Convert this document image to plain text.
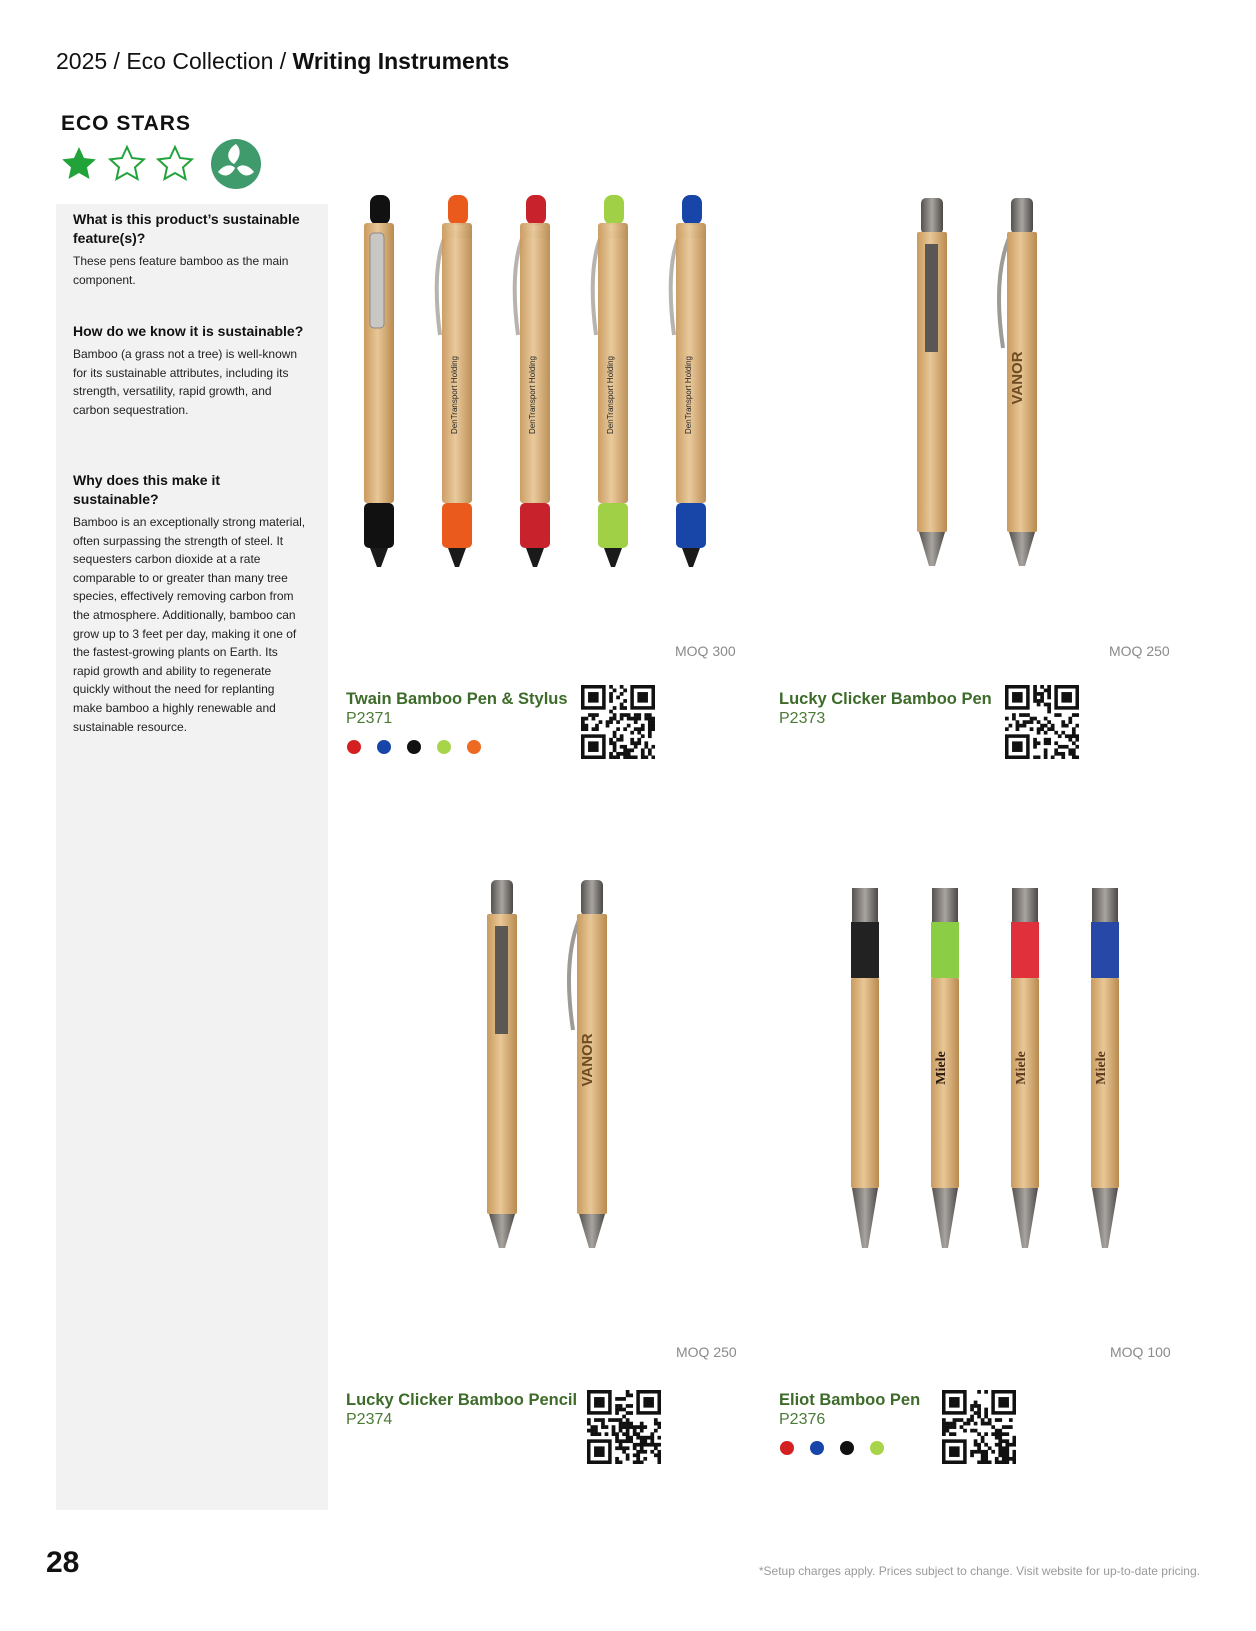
2025 / Eco Collection / Writing Instruments
ECO STARS
What is this product’s sustainable feature(s)?

These pens feature bamboo as the main component.

How do we know it is sustainable?

Bamboo (a grass not a tree) is well-known for its sustainable attributes, including its strength, versatility, rapid growth, and carbon sequestration.

Why does this make it sustainable?

Bamboo is an exceptionally strong material, often surpassing the strength of steel. It sequesters carbon dioxide at a rate comparable to or greater than many tree species, effectively removing carbon from the atmosphere. Additionally, bamboo can grow up to 3 feet per day, making it one of the fastest-growing plants on Earth. Its rapid growth and ability to regenerate quickly without the need for replanting make bamboo a highly renewable and sustainable resource.

DenTransport Holding	DenTransport Holding	DenTransport Holding	DenTransport Holding	VANOR
VANOR	Miele	Miele	Miele
MOQ 300
Twain Bamboo Pen & Stylus
P2371
MOQ 250
Lucky Clicker Bamboo Pen
P2373
MOQ 250
Lucky Clicker Bamboo Pencil
P2374
MOQ 100
Eliot Bamboo Pen
P2376
28	*Setup charges apply. Prices subject to change. Visit website for up-to-date pricing.
